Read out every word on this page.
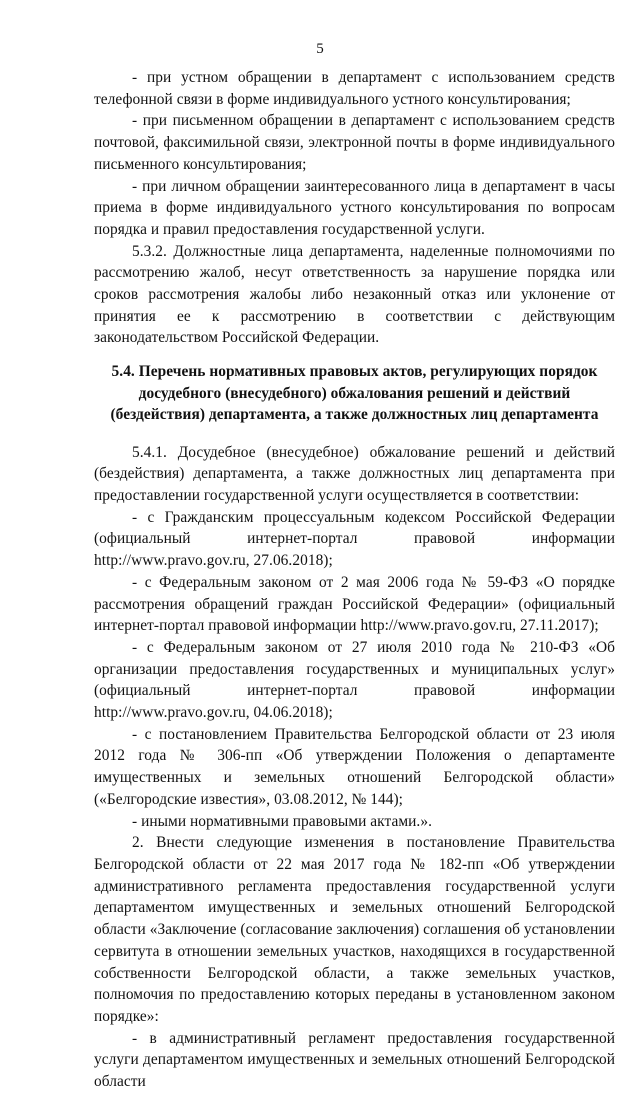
5

- при устном обращении в департамент с использованием средств телефонной связи в форме индивидуального устного консультирования;

- при письменном обращении в департамент с использованием средств почтовой, факсимильной связи, электронной почты в форме индивидуального письменного консультирования;

- при личном обращении заинтересованного лица в департамент в часы приема в форме индивидуального устного консультирования по вопросам порядка и правил предоставления государственной услуги.

5.3.2. Должностные лица департамента, наделенные полномочиями по рассмотрению жалоб, несут ответственность за нарушение порядка или сроков рассмотрения жалобы либо незаконный отказ или уклонение от принятия ее к рассмотрению в соответствии с действующим законодательством Российской Федерации.

5.4. Перечень нормативных правовых актов, регулирующих порядок досудебного (внесудебного) обжалования решений и действий (бездействия) департамента, а также должностных лиц департамента

5.4.1. Досудебное (внесудебное) обжалование решений и действий (бездействия) департамента, а также должностных лиц департамента при предоставлении государственной услуги осуществляется в соответствии:

- с Гражданским процессуальным кодексом Российской Федерации (официальный интернет-портал правовой информации http://www.pravo.gov.ru, 27.06.2018);

- с Федеральным законом от 2 мая 2006 года № 59-ФЗ «О порядке рассмотрения обращений граждан Российской Федерации» (официальный интернет-портал правовой информации http://www.pravo.gov.ru, 27.11.2017);

- с Федеральным законом от 27 июля 2010 года № 210-ФЗ «Об организации предоставления государственных и муниципальных услуг» (официальный интернет-портал правовой информации http://www.pravo.gov.ru, 04.06.2018);

- с постановлением Правительства Белгородской области от 23 июля 2012 года № 306-пп «Об утверждении Положения о департаменте имущественных и земельных отношений Белгородской области» («Белгородские известия», 03.08.2012, № 144);

- иными нормативными правовыми актами.».

2. Внести следующие изменения в постановление Правительства Белгородской области от 22 мая 2017 года № 182-пп «Об утверждении административного регламента предоставления государственной услуги департаментом имущественных и земельных отношений Белгородской области «Заключение (согласование заключения) соглашения об установлении сервитута в отношении земельных участков, находящихся в государственной собственности Белгородской области, а также земельных участков, полномочия по предоставлению которых переданы в установленном законом порядке»:

- в административный регламент предоставления государственной услуги департаментом имущественных и земельных отношений Белгородской области
